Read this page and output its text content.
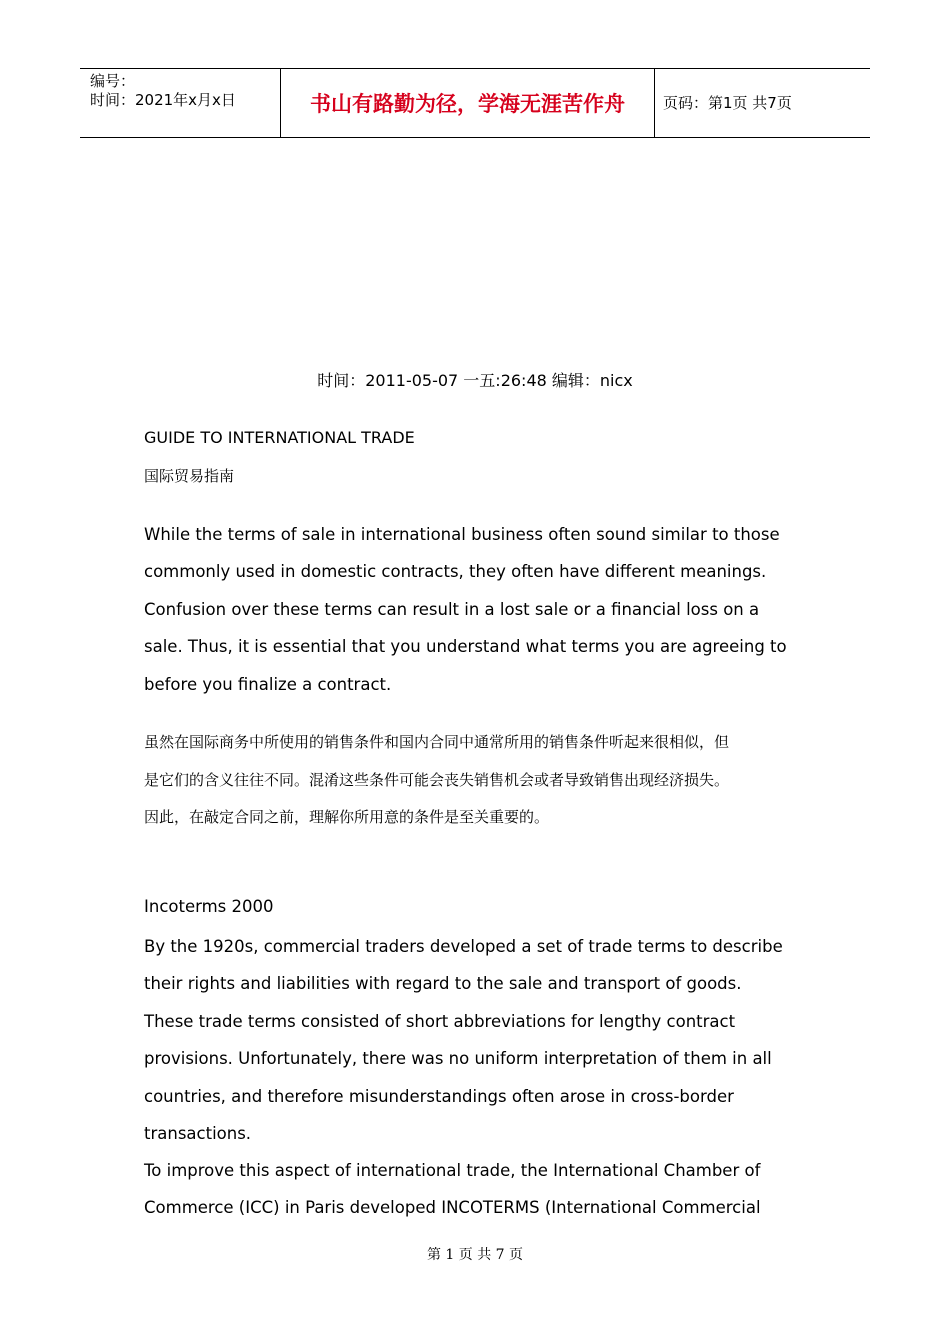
编号：
时间：2021年x月x日	书山有路勤为径，学海无涯苦作舟	页码：第1页 共7页
时间：2011-05-07 一五:26:48 编辑：nicx
GUIDE TO INTERNATIONAL TRADE
国际贸易指南
While the terms of sale in international business often sound similar to those
commonly used in domestic contracts, they often have different meanings.
Confusion over these terms can result in a lost sale or a financial loss on a
sale. Thus, it is essential that you understand what terms you are agreeing to
before you finalize a contract.
虽然在国际商务中所使用的销售条件和国内合同中通常所用的销售条件听起来很相似，但
是它们的含义往往不同。混淆这些条件可能会丧失销售机会或者导致销售出现经济损失。
因此，在敲定合同之前，理解你所用意的条件是至关重要的。
Incoterms 2000
By the 1920s, commercial traders developed a set of trade terms to describe
their rights and liabilities with regard to the sale and transport of goods.
These trade terms consisted of short abbreviations for lengthy contract
provisions. Unfortunately, there was no uniform interpretation of them in all
countries, and therefore misunderstandings often arose in cross-border
transactions.
To improve this aspect of international trade, the International Chamber of
Commerce (ICC) in Paris developed INCOTERMS (International Commercial
第 1 页 共 7 页
